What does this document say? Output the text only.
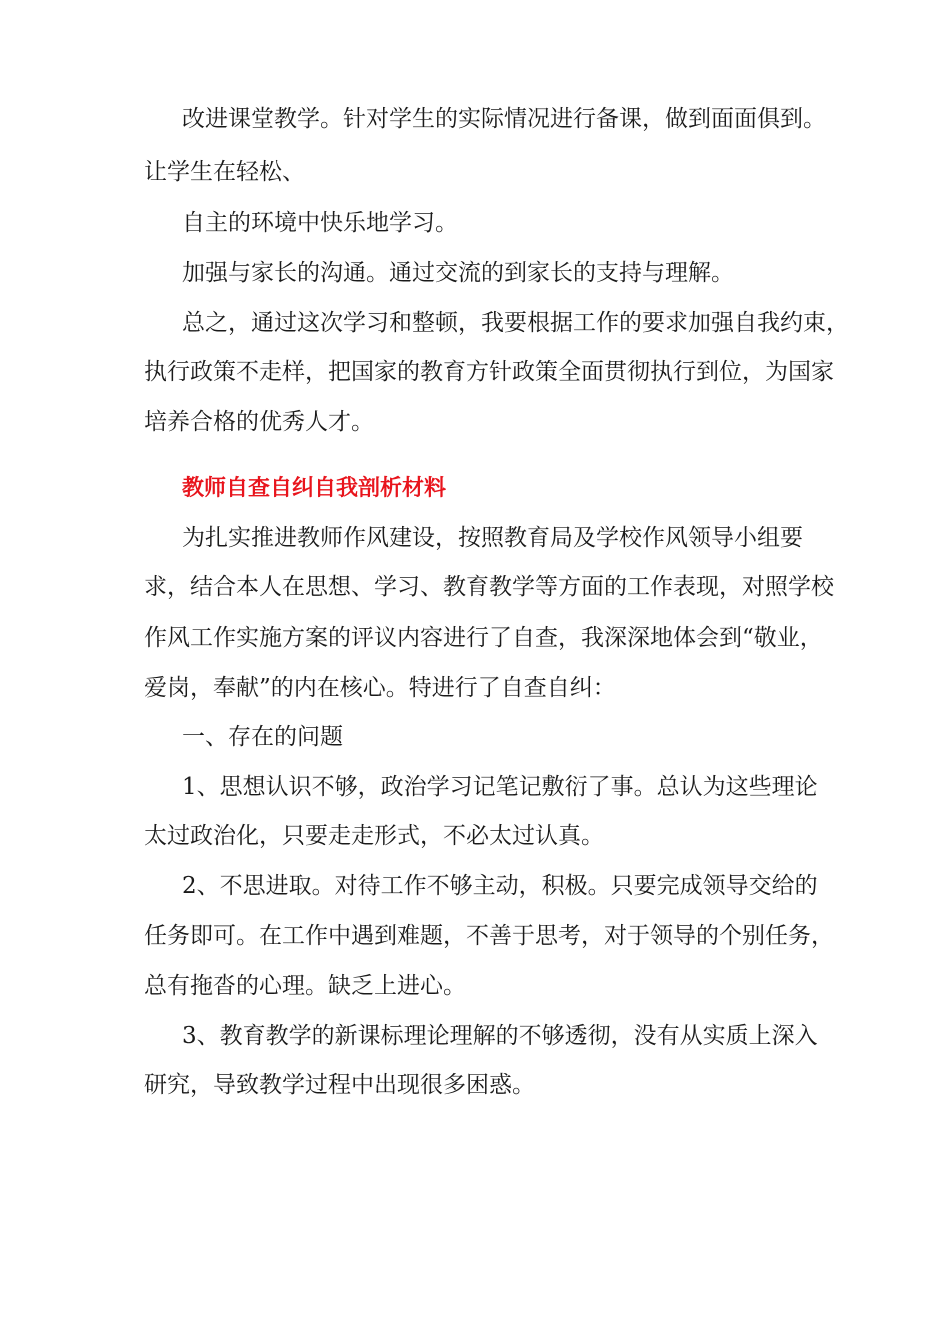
改进课堂教学。针对学生的实际情况进行备课，做到面面俱到。
让学生在轻松、
自主的环境中快乐地学习。
加强与家长的沟通。通过交流的到家长的支持与理解。
总之，通过这次学习和整顿，我要根据工作的要求加强自我约束，
执行政策不走样，把国家的教育方针政策全面贯彻执行到位，为国家
培养合格的优秀人才。
教师自查自纠自我剖析材料
为扎实推进教师作风建设，按照教育局及学校作风领导小组要
求，结合本人在思想、学习、教育教学等方面的工作表现，对照学校
作风工作实施方案的评议内容进行了自查，我深深地体会到“敬业，
爱岗，奉献”的内在核心。特进行了自查自纠：
一、存在的问题
1、思想认识不够，政治学习记笔记敷衍了事。总认为这些理论
太过政治化，只要走走形式，不必太过认真。
2、不思进取。对待工作不够主动，积极。只要完成领导交给的
任务即可。在工作中遇到难题，不善于思考，对于领导的个别任务，
总有拖沓的心理。缺乏上进心。
3、教育教学的新课标理论理解的不够透彻，没有从实质上深入
研究，导致教学过程中出现很多困惑。
